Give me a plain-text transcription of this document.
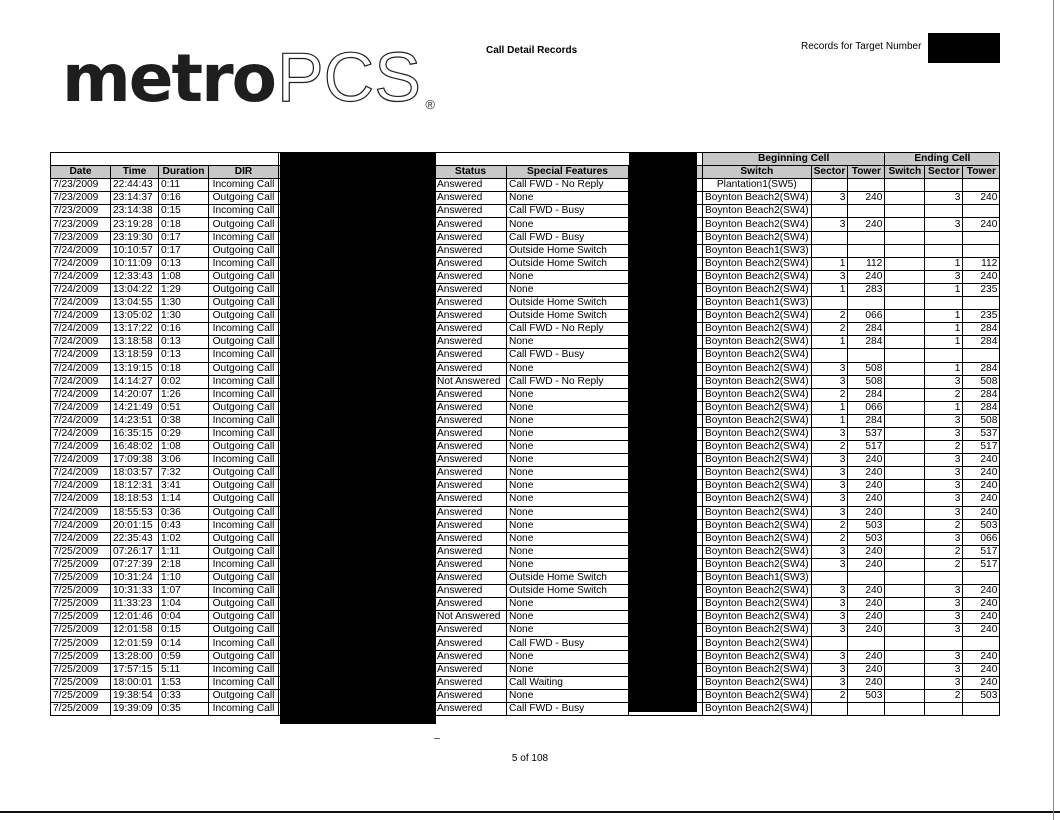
metroPCS ®
Call Detail Records	Records for Target Number
		Beginning Cell			Ending Cell		
Date	Time	Duration	DIR			Status	Special Features		Switch	Sector	Tower	Switch	Sector	Tower
7/23/2009	22:44:43	0:11	Incoming Call			Answered	Call FWD - No Reply		Plantation1(SW5)					
7/23/2009	23:14:37	0:16	Outgoing Call			Answered	None		Boynton Beach2(SW4)	3	240		3	240
7/23/2009	23:14:38	0:15	Incoming Call			Answered	Call FWD - Busy		Boynton Beach2(SW4)					
7/23/2009	23:19:28	0:18	Outgoing Call			Answered	None		Boynton Beach2(SW4)	3	240		3	240
7/23/2009	23:19:30	0:17	Incoming Call			Answered	Call FWD - Busy		Boynton Beach2(SW4)					
7/24/2009	10:10:57	0:17	Outgoing Call			Answered	Outside Home Switch		Boynton Beach1(SW3)					
7/24/2009	10:11:09	0:13	Incoming Call			Answered	Outside Home Switch		Boynton Beach2(SW4)	1	112		1	112
7/24/2009	12:33:43	1:08	Outgoing Call			Answered	None		Boynton Beach2(SW4)	3	240		3	240
7/24/2009	13:04:22	1:29	Outgoing Call			Answered	None		Boynton Beach2(SW4)	1	283		1	235
7/24/2009	13:04:55	1:30	Outgoing Call			Answered	Outside Home Switch		Boynton Beach1(SW3)					
7/24/2009	13:05:02	1:30	Outgoing Call			Answered	Outside Home Switch		Boynton Beach2(SW4)	2	066		1	235
7/24/2009	13:17:22	0:16	Incoming Call			Answered	Call FWD - No Reply		Boynton Beach2(SW4)	2	284		1	284
7/24/2009	13:18:58	0:13	Outgoing Call			Answered	None		Boynton Beach2(SW4)	1	284		1	284
7/24/2009	13:18:59	0:13	Incoming Call			Answered	Call FWD - Busy		Boynton Beach2(SW4)					
7/24/2009	13:19:15	0:18	Outgoing Call			Answered	None		Boynton Beach2(SW4)	3	508		1	284
7/24/2009	14:14:27	0:02	Incoming Call			Not Answered	Call FWD - No Reply		Boynton Beach2(SW4)	3	508		3	508
7/24/2009	14:20:07	1:26	Incoming Call			Answered	None		Boynton Beach2(SW4)	2	284		2	284
7/24/2009	14:21:49	0:51	Outgoing Call			Answered	None		Boynton Beach2(SW4)	1	066		1	284
7/24/2009	14:23:51	0:38	Incoming Call			Answered	None		Boynton Beach2(SW4)	1	284		3	508
7/24/2009	16:35:15	0:29	Incoming Call			Answered	None		Boynton Beach2(SW4)	3	537		3	537
7/24/2009	16:48:02	1:08	Outgoing Call			Answered	None		Boynton Beach2(SW4)	2	517		2	517
7/24/2009	17:09:38	3:06	Incoming Call			Answered	None		Boynton Beach2(SW4)	3	240		3	240
7/24/2009	18:03:57	7:32	Outgoing Call			Answered	None		Boynton Beach2(SW4)	3	240		3	240
7/24/2009	18:12:31	3:41	Outgoing Call			Answered	None		Boynton Beach2(SW4)	3	240		3	240
7/24/2009	18:18:53	1:14	Outgoing Call			Answered	None		Boynton Beach2(SW4)	3	240		3	240
7/24/2009	18:55:53	0:36	Outgoing Call			Answered	None		Boynton Beach2(SW4)	3	240		3	240
7/24/2009	20:01:15	0:43	Incoming Call			Answered	None		Boynton Beach2(SW4)	2	503		2	503
7/24/2009	22:35:43	1:02	Outgoing Call			Answered	None		Boynton Beach2(SW4)	2	503		3	066
7/25/2009	07:26:17	1:11	Outgoing Call			Answered	None		Boynton Beach2(SW4)	3	240		2	517
7/25/2009	07:27:39	2:18	Incoming Call			Answered	None		Boynton Beach2(SW4)	3	240		2	517
7/25/2009	10:31:24	1:10	Outgoing Call			Answered	Outside Home Switch		Boynton Beach1(SW3)					
7/25/2009	10:31:33	1:07	Incoming Call			Answered	Outside Home Switch		Boynton Beach2(SW4)	3	240		3	240
7/25/2009	11:33:23	1:04	Outgoing Call			Answered	None		Boynton Beach2(SW4)	3	240		3	240
7/25/2009	12:01:46	0:04	Outgoing Call			Not Answered	None		Boynton Beach2(SW4)	3	240		3	240
7/25/2009	12:01:58	0:15	Outgoing Call			Answered	None		Boynton Beach2(SW4)	3	240		3	240
7/25/2009	12:01:59	0:14	Incoming Call			Answered	Call FWD - Busy		Boynton Beach2(SW4)					
7/25/2009	13:28:00	0:59	Outgoing Call			Answered	None		Boynton Beach2(SW4)	3	240		3	240
7/25/2009	17:57:15	5:11	Incoming Call			Answered	None		Boynton Beach2(SW4)	3	240		3	240
7/25/2009	18:00:01	1:53	Incoming Call			Answered	Call Waiting		Boynton Beach2(SW4)	3	240		3	240
7/25/2009	19:38:54	0:33	Outgoing Call			Answered	None		Boynton Beach2(SW4)	2	503		2	503
7/25/2009	19:39:09	0:35	Incoming Call			Answered	Call FWD - Busy		Boynton Beach2(SW4)					
5 of 108
